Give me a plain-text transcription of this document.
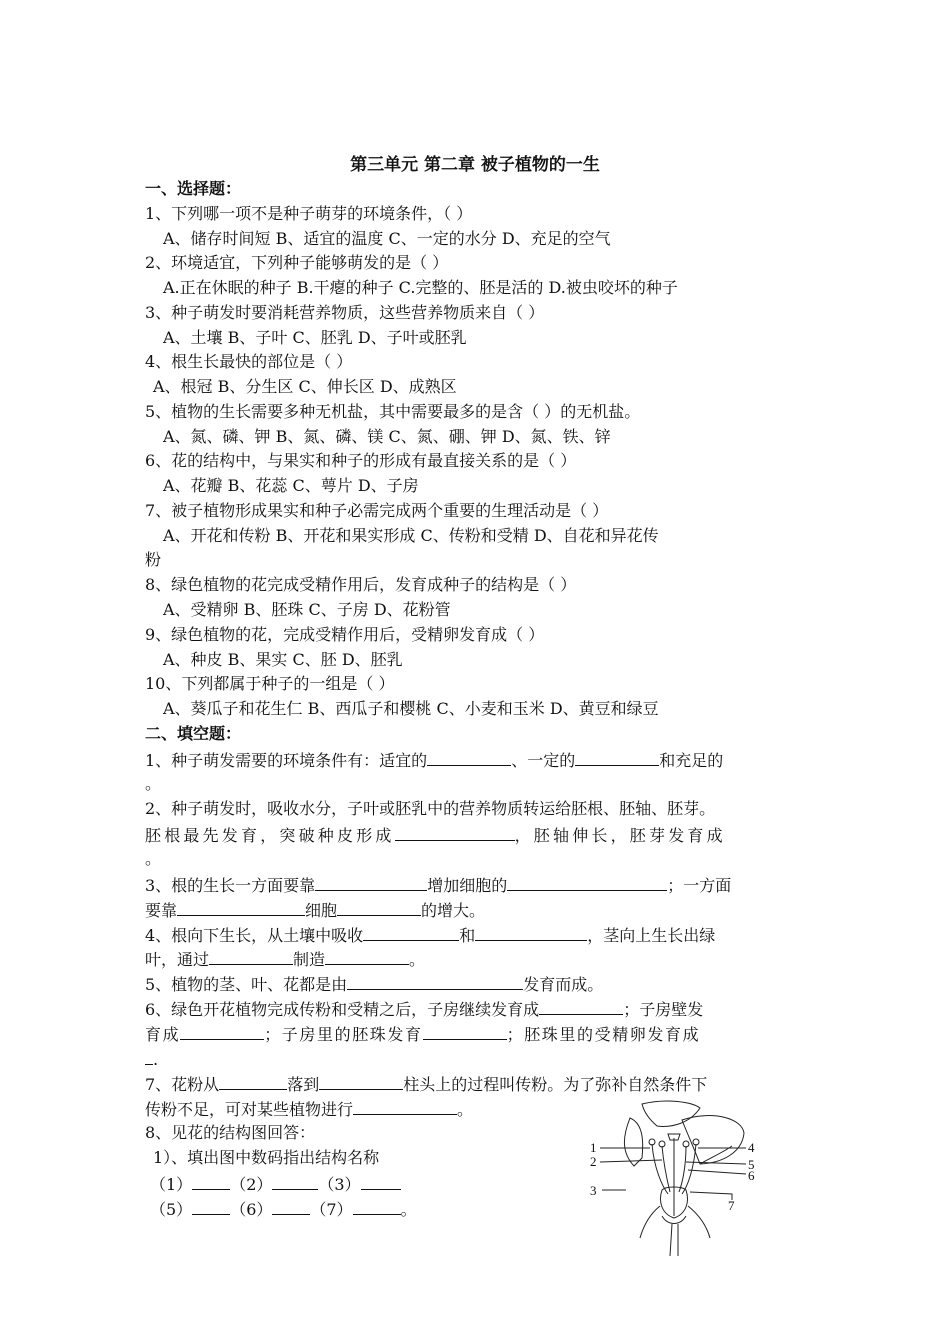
第三单元 第二章 被子植物的一生
一、选择题：
1、下列哪一项不是种子萌芽的环境条件，（ ）
A、储存时间短 B、适宜的温度 C、一定的水分 D、充足的空气
2、环境适宜，下列种子能够萌发的是（ ）
A.正在休眠的种子 B.干瘪的种子 C.完整的、胚是活的 D.被虫咬坏的种子
3、种子萌发时要消耗营养物质，这些营养物质来自（ ）
A、土壤 B、子叶 C、胚乳 D、子叶或胚乳
4、根生长最快的部位是（ ）
A、根冠 B、分生区 C、伸长区 D、成熟区
5、植物的生长需要多种无机盐，其中需要最多的是含（ ）的无机盐。
A、氮、磷、钾 B、氮、磷、镁 C、氮、硼、钾 D、氮、铁、锌
6、花的结构中，与果实和种子的形成有最直接关系的是（ ）
A、花瓣 B、花蕊 C、萼片 D、子房
7、被子植物形成果实和种子必需完成两个重要的生理活动是（ ）
A、开花和传粉 B、开花和果实形成 C、传粉和受精 D、自花和异花传
粉
8、绿色植物的花完成受精作用后，发育成种子的结构是（ ）
A、受精卵 B、胚珠 C、子房 D、花粉管
9、绿色植物的花，完成受精作用后，受精卵发育成（ ）
A、种皮 B、果实 C、胚 D、胚乳
10、下列都属于种子的一组是（ ）
A、葵瓜子和花生仁 B、西瓜子和樱桃 C、小麦和玉米 D、黄豆和绿豆
二、填空题：
1、种子萌发需要的环境条件有：适宜的	、一定的	和充足的
。
2、种子萌发时，吸收水分，子叶或胚乳中的营养物质转运给胚根、胚轴、胚芽。
胚根最先发育，突破种皮形成	，胚轴伸长，胚芽发育成
。
3、根的生长一方面要靠	增加细胞的	；一方面
要靠	细胞	的增大。
4、根向下生长，从土壤中吸收	和	，茎向上生长出绿
叶，通过	制造	。
5、植物的茎、叶、花都是由	发育而成。
6、绿色开花植物完成传粉和受精之后，子房继续发育成	；子房壁发
育成	；子房里的胚珠发育	；胚珠里的受精卵发育成
.
7、花粉从	落到	柱头上的过程叫传粉。为了弥补自然条件下
传粉不足，可对某些植物进行	。
8、见花的结构图回答：
1）、填出图中数码指出结构名称
（1） （2）	（3）
（5） （6） （7）	。
1
2
3
4
5
6
7
